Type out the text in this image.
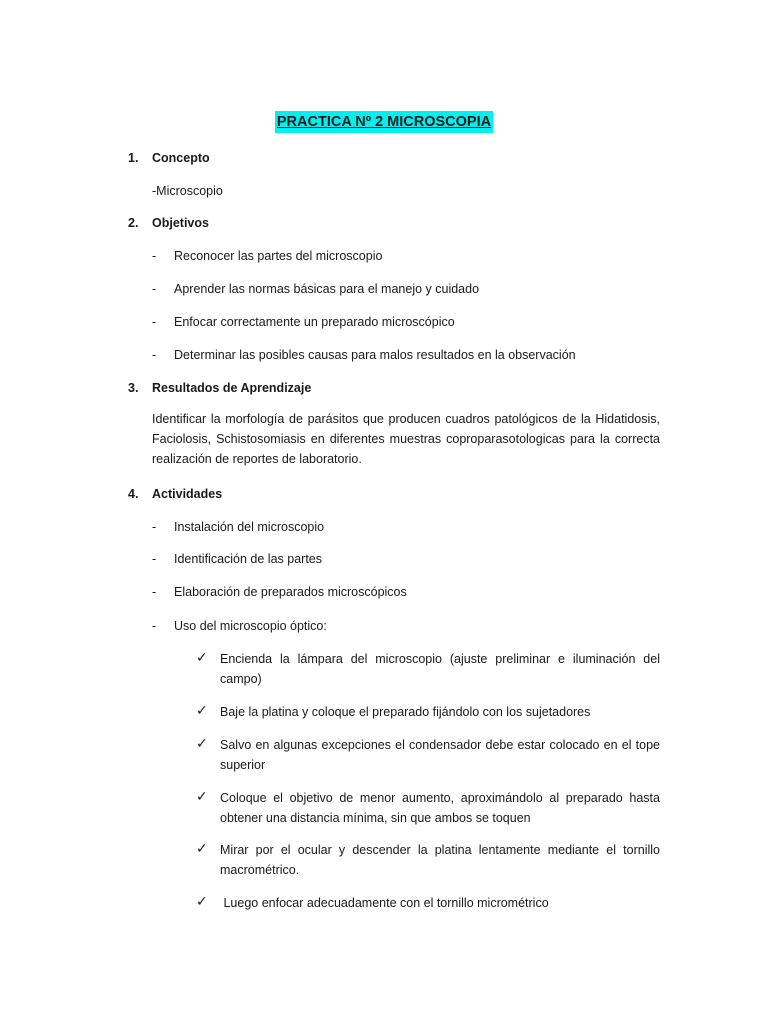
PRACTICA Nº 2 MICROSCOPIA
1. Concepto
-Microscopio
2. Objetivos
- Reconocer las partes del microscopio
- Aprender las normas básicas para el manejo y cuidado
- Enfocar correctamente un preparado microscópico
- Determinar las posibles causas para malos resultados en la observación
3. Resultados de Aprendizaje
Identificar la morfología de parásitos que producen cuadros patológicos de la Hidatidosis, Faciolosis, Schistosomiasis en diferentes muestras coproparasotologicas para la correcta realización de reportes de laboratorio.
4. Actividades
- Instalación del microscopio
- Identificación de las partes
- Elaboración de preparados microscópicos
- Uso del microscopio óptico:
✓ Encienda la lámpara del microscopio (ajuste preliminar e iluminación del campo)
✓ Baje la platina y coloque el preparado fijándolo con los sujetadores
✓ Salvo en algunas excepciones el condensador debe estar colocado en el tope superior
✓ Coloque el objetivo de menor aumento, aproximándolo al preparado hasta obtener una distancia mínima, sin que ambos se toquen
✓ Mirar por el ocular y descender la platina lentamente mediante el tornillo macrométrico.
✓ Luego enfocar adecuadamente con el tornillo micrométrico
